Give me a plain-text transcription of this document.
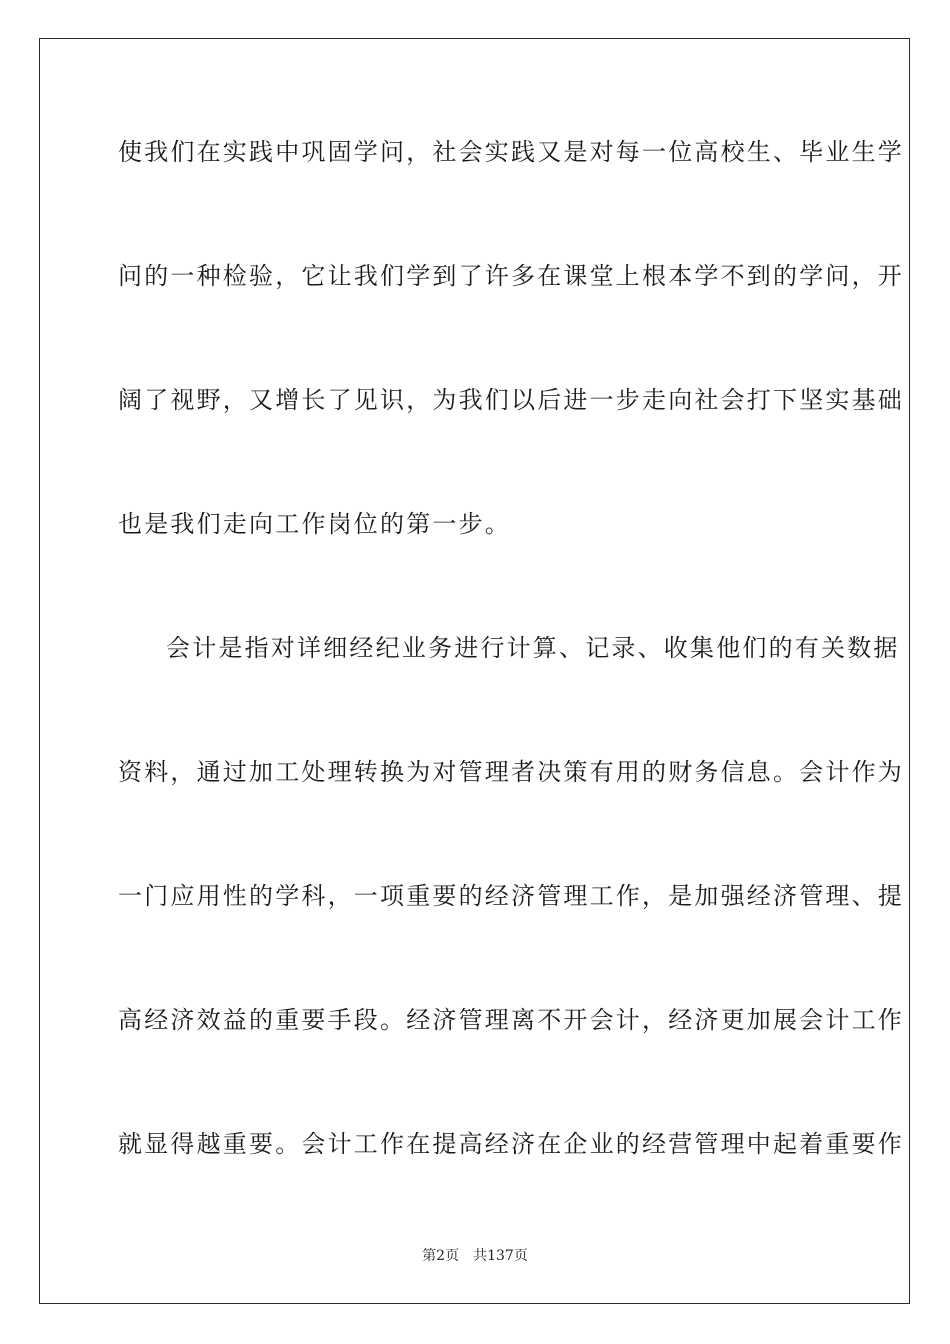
使我们在实践中巩固学问，社会实践又是对每一位高校生、毕业生学
问的一种检验，它让我们学到了许多在课堂上根本学不到的学问，开
阔了视野，又增长了见识，为我们以后进一步走向社会打下坚实基础
也是我们走向工作岗位的第一步。
会计是指对详细经纪业务进行计算、记录、收集他们的有关数据
资料，通过加工处理转换为对管理者决策有用的财务信息。会计作为
一门应用性的学科，一项重要的经济管理工作，是加强经济管理、提
高经济效益的重要手段。经济管理离不开会计，经济更加展会计工作
就显得越重要。会计工作在提高经济在企业的经营管理中起着重要作
第2页 共137页
